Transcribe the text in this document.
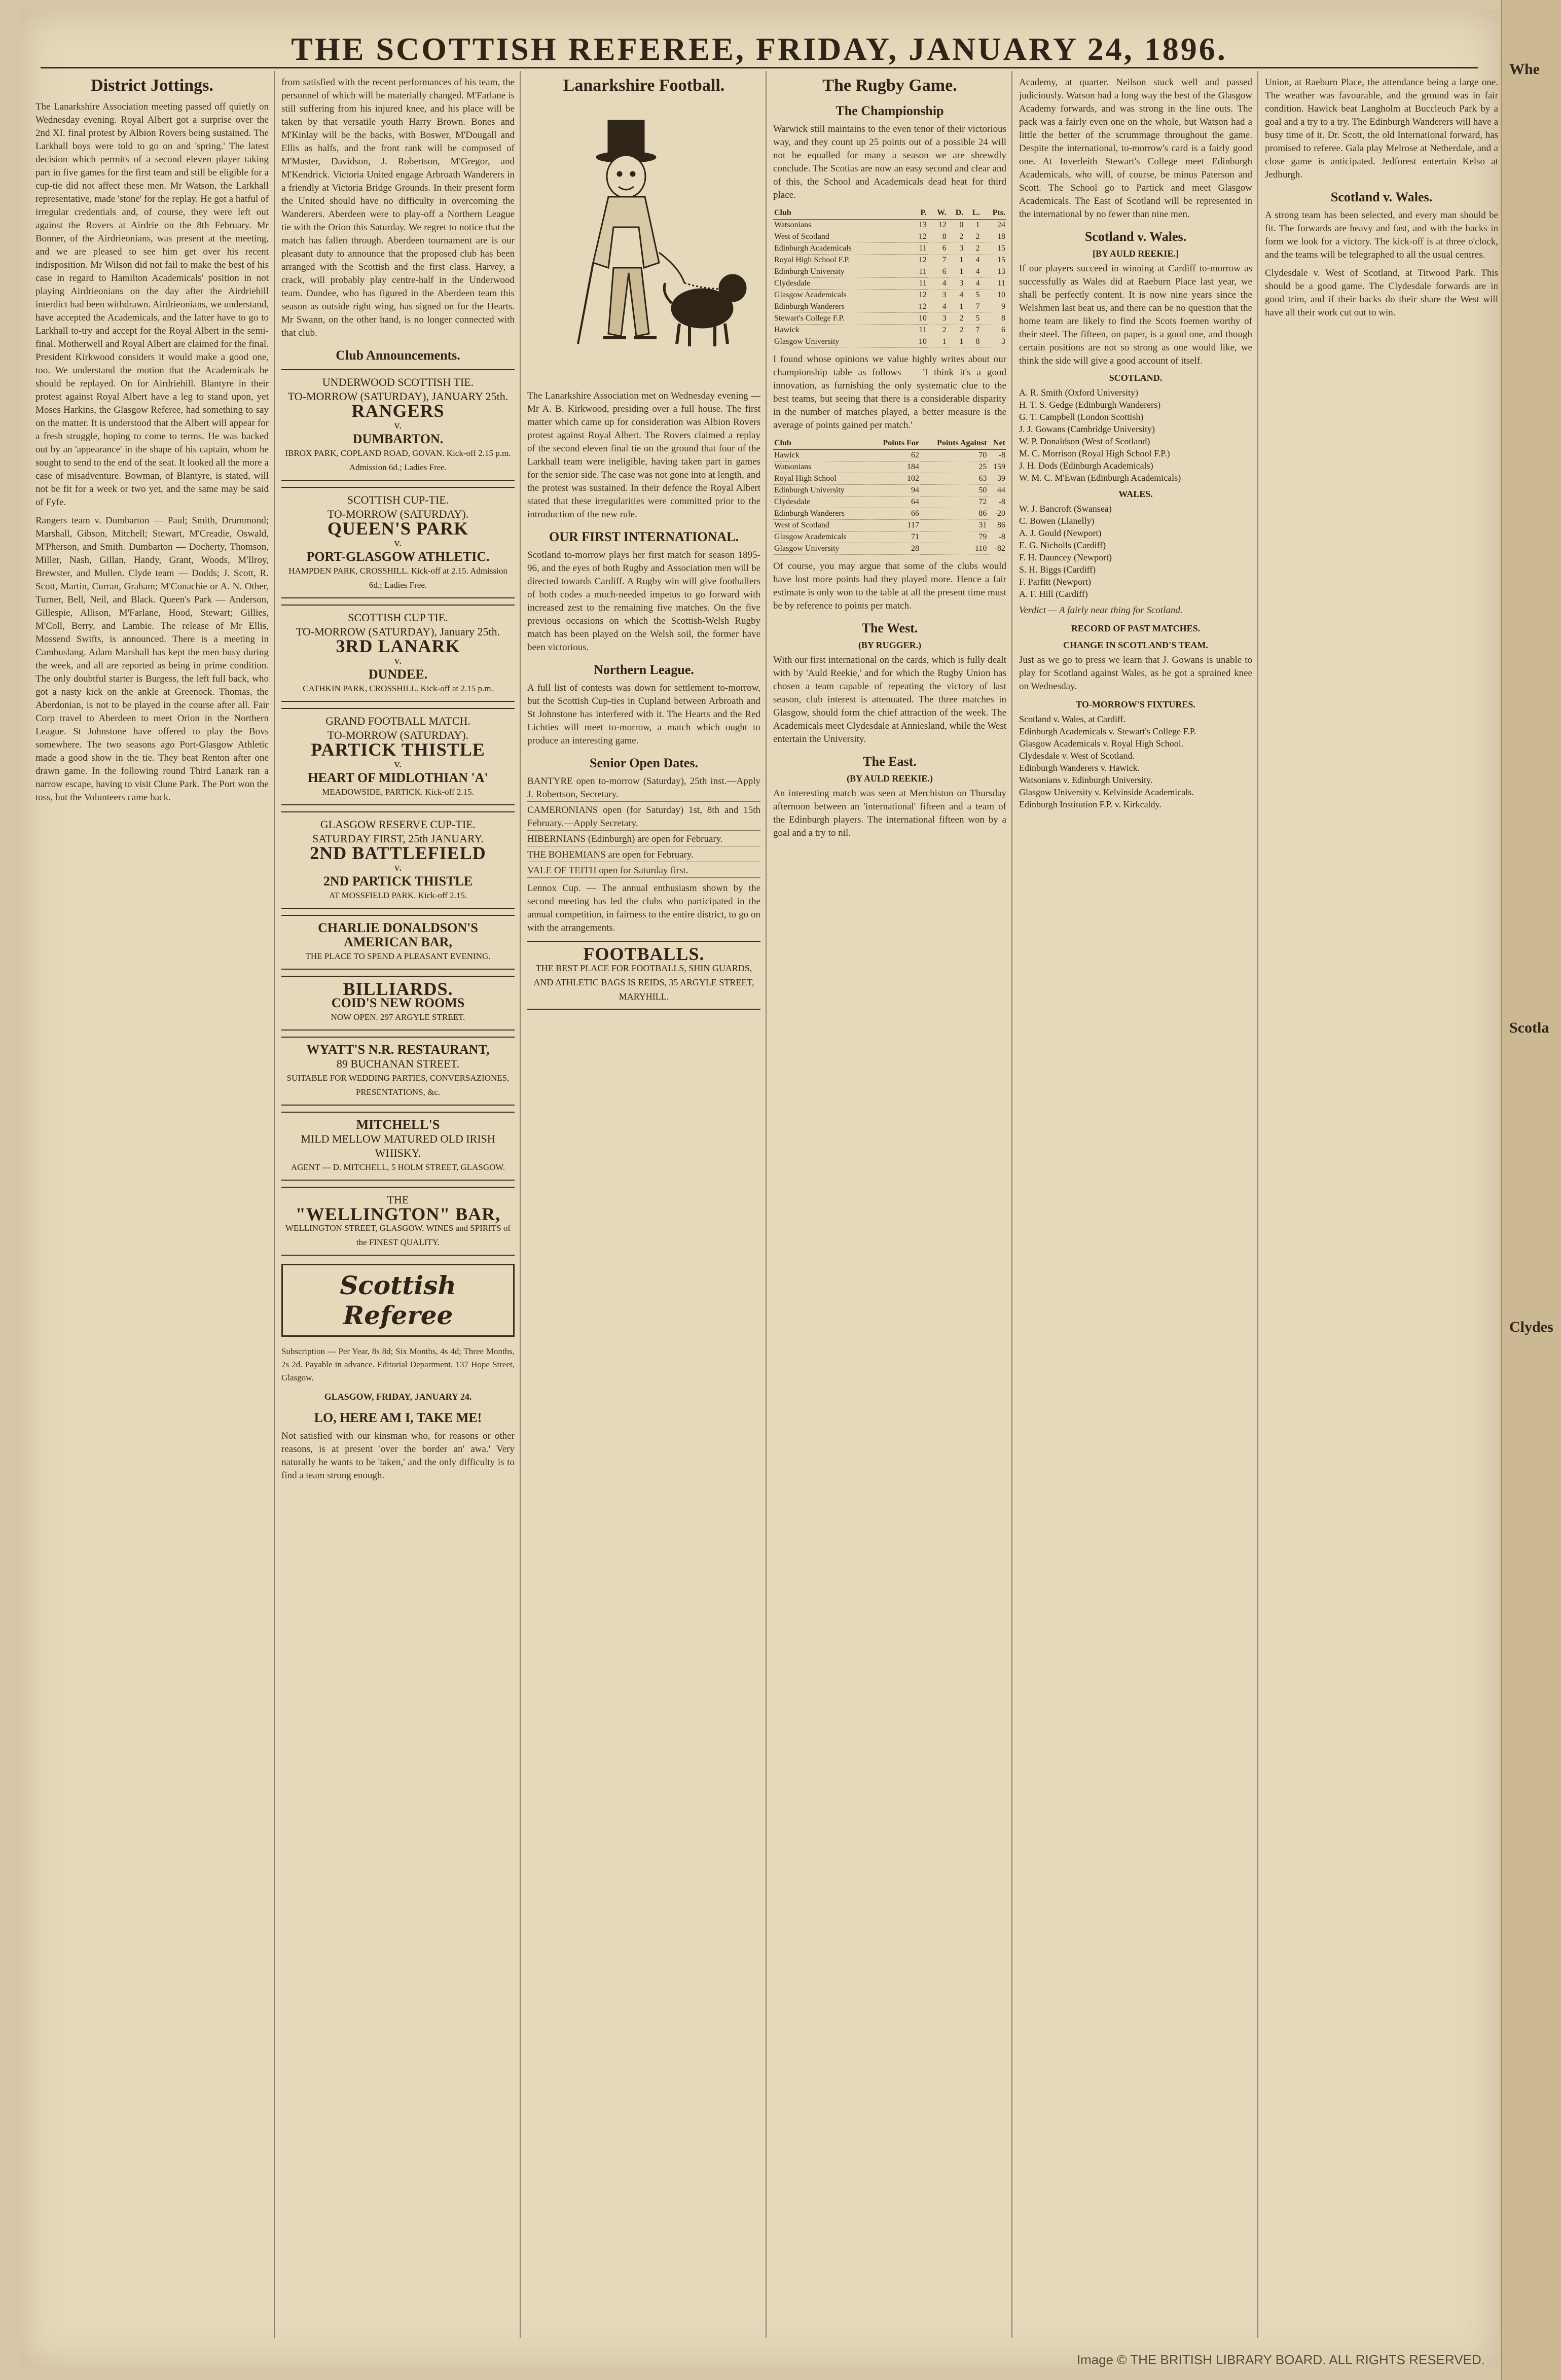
THE SCOTTISH REFEREE, FRIDAY, JANUARY 24, 1896.
District Jottings.
The Lanarkshire Association meeting passed off quietly on Wednesday evening. Royal Albert got a surprise over the 2nd XI. final protest by Albion Rovers being sustained. The Larkhall boys were told to go on and 'spring.' The latest decision which permits of a second eleven player taking part in five games for the first team and still be eligible for a cup-tie did not affect these men. Mr Watson, the Larkhall representative, made 'stone' for the replay. He got a hatful of irregular credentials and, of course, they were left out against the Rovers at Airdrie on the 8th February. Mr Bonner, of the Airdrieonians, was present at the meeting, and we are pleased to see him get over his recent indisposition. Mr Wilson did not fail to make the best of his case in regard to Hamilton Academicals' position in not playing Airdrieonians on the day after the Airdriehill interdict had been withdrawn. Airdrieonians, we understand, have accepted the Academicals, and the latter have to go to Larkhall to-try and accept for the Royal Albert in the semi-final. Motherwell and Royal Albert are claimed for the final. President Kirkwood considers it would make a good one, too. We understand the motion that the Academicals be should be replayed. On for Airdriehill. Blantyre in their protest against Royal Albert have a leg to stand upon, yet Moses Harkins, the Glasgow Referee, had something to say on the matter. It is understood that the Albert will appear for a fresh struggle, hoping to come to terms. He was backed out by an 'appearance' in the shape of his captain, whom he sought to send to the end of the seat. It looked all the more a case of misadventure. Bowman, of Blantyre, is stated, will not be fit for a week or two yet, and the same may be said of Fyfe.
Rangers team v. Dumbarton — Paul; Smith, Drummond; Marshall, Gibson, Mitchell; Stewart, M'Creadie, Oswald, M'Pherson, and Smith. Dumbarton — Docherty, Thomson, Miller, Nash, Gillan, Handy, Grant, Woods, M'Ilroy, Brewster, and Mullen. Clyde team — Dodds; J. Scott, R. Scott, Martin, Curran, Graham; M'Conachie or A. N. Other, Turner, Bell, Neil, and Black. Queen's Park — Anderson, Gillespie, Allison, M'Farlane, Hood, Stewart; Gillies, M'Coll, Berry, and Lambie. The release of Mr Ellis, Mossend Swifts, is announced. There is a meeting in Cambuslang. Adam Marshall has kept the men busy during the week, and all are reported as being in prime condition. The only doubtful starter is Burgess, the left full back, who got a nasty kick on the ankle at Greenock. Thomas, the Aberdonian, is not to be played in the course after all. Fair Corp travel to Aberdeen to meet Orion in the Northern League. St Johnstone have offered to play the Bovs somewhere. The two seasons ago Port-Glasgow Athletic made a good show in the tie. They beat Renton after one drawn game. In the following round Third Lanark ran a narrow escape, having to visit Clune Park. The Port won the toss, but the Volunteers came back.
from satisfied with the recent performances of his team, the personnel of which will be materially changed. M'Farlane is still suffering from his injured knee, and his place will be taken by that versatile youth Harry Brown. Bones and M'Kinlay will be the backs, with Boswer, M'Dougall and Ellis as halfs, and the front rank will be composed of M'Master, Davidson, J. Robertson, M'Gregor, and M'Kendrick. Victoria United engage Arbroath Wanderers in a friendly at Victoria Bridge Grounds. In their present form the United should have no difficulty in overcoming the Wanderers. Aberdeen were to play-off a Northern League tie with the Orion this Saturday. We regret to notice that the match has fallen through. Aberdeen tournament are is our pleasant duty to announce that the proposed club has been arranged with the Scottish and the first class. Harvey, a crack, will probably play centre-half in the Underwood team. Dundee, who has figured in the Aberdeen team this season as outside right wing, has signed on for the Hearts. Mr Swann, on the other hand, is no longer connected with that club.
Club Announcements.
UNDERWOOD SCOTTISH TIE.
TO-MORROW (SATURDAY), JANUARY 25th.
RANGERS
v.
DUMBARTON.
IBROX PARK, COPLAND ROAD, GOVAN. Kick-off 2.15 p.m. Admission 6d.; Ladies Free.
SCOTTISH CUP-TIE.
TO-MORROW (SATURDAY).
QUEEN'S PARK
v.
PORT-GLASGOW ATHLETIC.
HAMPDEN PARK, CROSSHILL. Kick-off at 2.15. Admission 6d.; Ladies Free.
SCOTTISH CUP TIE.
TO-MORROW (SATURDAY), January 25th.
3RD LANARK
v.
DUNDEE.
CATHKIN PARK, CROSSHILL. Kick-off at 2.15 p.m.
GRAND FOOTBALL MATCH.
TO-MORROW (SATURDAY).
PARTICK THISTLE
v.
HEART OF MIDLOTHIAN 'A'
MEADOWSIDE, PARTICK. Kick-off 2.15.
GLASGOW RESERVE CUP-TIE.
SATURDAY FIRST, 25th JANUARY.
2ND BATTLEFIELD
v.
2ND PARTICK THISTLE
AT MOSSFIELD PARK. Kick-off 2.15.
CHARLIE DONALDSON'S
AMERICAN BAR,
THE PLACE TO SPEND A PLEASANT EVENING.
BILLIARDS.
COID'S NEW ROOMS
NOW OPEN. 297 ARGYLE STREET.
WYATT'S N.R. RESTAURANT,
89 BUCHANAN STREET.
SUITABLE FOR WEDDING PARTIES, CONVERSAZIONES, PRESENTATIONS, &c.
MITCHELL'S
MILD MELLOW MATURED OLD IRISH WHISKY.
AGENT — D. MITCHELL, 5 HOLM STREET, GLASGOW.
THE
"WELLINGTON" BAR,
WELLINGTON STREET, GLASGOW. WINES and SPIRITS of the FINEST QUALITY.
Scottish Referee
Subscription — Per Year, 8s 8d; Six Months, 4s 4d; Three Months, 2s 2d. Payable in advance. Editorial Department, 137 Hope Street, Glasgow.
GLASGOW, FRIDAY, JANUARY 24.
LO, HERE AM I, TAKE ME!
Not satisfied with our kinsman who, for reasons or other reasons, is at present 'over the border an' awa.' Very naturally he wants to be 'taken,' and the only difficulty is to find a team strong enough.
Lanarkshire Football.
The Lanarkshire Association met on Wednesday evening — Mr A. B. Kirkwood, presiding over a full house. The first matter which came up for consideration was Albion Rovers protest against Royal Albert. The Rovers claimed a replay of the second eleven final tie on the ground that four of the Larkhall team were ineligible, having taken part in games for the senior side. The case was not gone into at length, and the protest was sustained. In their defence the Royal Albert stated that these irregularities were committed prior to the introduction of the new rule.
OUR FIRST INTERNATIONAL.
Scotland to-morrow plays her first match for season 1895-96, and the eyes of both Rugby and Association men will be directed towards Cardiff. A Rugby win will give footballers of both codes a much-needed impetus to go forward with increased zest to the remaining five matches. On the five previous occasions on which the Scottish-Welsh Rugby match has been played on the Welsh soil, the former have been victorious.
Northern League.
A full list of contests was down for settlement to-morrow, but the Scottish Cup-ties in Cupland between Arbroath and St Johnstone has interfered with it. The Hearts and the Red Lichties will meet to-morrow, a match which ought to produce an interesting game.
Senior Open Dates.
BANTYRE open to-morrow (Saturday), 25th inst.—Apply J. Robertson, Secretary.
CAMERONIANS open (for Saturday) 1st, 8th and 15th February.—Apply Secretary.
HIBERNIANS (Edinburgh) are open for February.
THE BOHEMIANS are open for February.
VALE OF TEITH open for Saturday first.
Lennox Cup. — The annual enthusiasm shown by the second meeting has led the clubs who participated in the annual competition, in fairness to the entire district, to go on with the arrangements.
FOOTBALLS.
THE BEST PLACE FOR FOOTBALLS, SHIN GUARDS, AND ATHLETIC BAGS IS REIDS, 35 ARGYLE STREET, MARYHILL.
The Rugby Game.
The Championship
Warwick still maintains to the even tenor of their victorious way, and they count up 25 points out of a possible 24 will not be equalled for many a season we are shrewdly conclude. The Scotias are now an easy second and clear and of this, the School and Academicals dead heat for third place.
Club	P.	W.	D.	L.	Pts.
Watsonians	13	12	0	1	24
West of Scotland	12	8	2	2	18
Edinburgh Academicals	11	6	3	2	15
Royal High School F.P.	12	7	1	4	15
Edinburgh University	11	6	1	4	13
Clydesdale	11	4	3	4	11
Glasgow Academicals	12	3	4	5	10
Edinburgh Wanderers	12	4	1	7	9
Stewart's College F.P.	10	3	2	5	8
Hawick	11	2	2	7	6
Glasgow University	10	1	1	8	3
I found whose opinions we value highly writes about our championship table as follows — 'I think it's a good innovation, as furnishing the only systematic clue to the best teams, but seeing that there is a considerable disparity in the number of matches played, a better measure is the average of points gained per match.'
Club	Points For	Points Against	Net
Hawick	62	70	-8
Watsonians	184	25	159
Royal High School	102	63	39
Edinburgh University	94	50	44
Clydesdale	64	72	-8
Edinburgh Wanderers	66	86	-20
West of Scotland	117	31	86
Glasgow Academicals	71	79	-8
Glasgow University	28	110	-82
Of course, you may argue that some of the clubs would have lost more points had they played more. Hence a fair estimate is only won to the table at all the present time must be by reference to points per match.
The West.
(BY RUGGER.)
With our first international on the cards, which is fully dealt with by 'Auld Reekie,' and for which the Rugby Union has chosen a team capable of repeating the victory of last season, club interest is attenuated. The three matches in Glasgow, should form the chief attraction of the week. The Academicals meet Clydesdale at Anniesland, while the West entertain the University.
The East.
(BY AULD REEKIE.)
An interesting match was seen at Merchiston on Thursday afternoon between an 'international' fifteen and a team of the Edinburgh players. The international fifteen won by a goal and a try to nil.
Academy, at quarter. Neilson stuck well and passed judiciously. Watson had a long way the best of the Glasgow Academy forwards, and was strong in the line outs. The pack was a fairly even one on the whole, but Watson had a little the better of the scrummage throughout the game. Despite the international, to-morrow's card is a fairly good one. At Inverleith Stewart's College meet Edinburgh Academicals, who will, of course, be minus Paterson and Scott. The School go to Partick and meet Glasgow Academicals. The East of Scotland will be represented in the international by no fewer than nine men.
Scotland v. Wales.
[BY AULD REEKIE.]
If our players succeed in winning at Cardiff to-morrow as successfully as Wales did at Raeburn Place last year, we shall be perfectly content. It is now nine years since the Welshmen last beat us, and there can be no question that the home team are likely to find the Scots foemen worthy of their steel. The fifteen, on paper, is a good one, and though certain positions are not so strong as one would like, we think the side will give a good account of itself.
SCOTLAND.
A. R. Smith (Oxford University)
H. T. S. Gedge (Edinburgh Wanderers)
G. T. Campbell (London Scottish)
J. J. Gowans (Cambridge University)
W. P. Donaldson (West of Scotland)
M. C. Morrison (Royal High School F.P.)
J. H. Dods (Edinburgh Academicals)
W. M. C. M'Ewan (Edinburgh Academicals)
WALES.
W. J. Bancroft (Swansea)
C. Bowen (Llanelly)
A. J. Gould (Newport)
E. G. Nicholls (Cardiff)
F. H. Dauncey (Newport)
S. H. Biggs (Cardiff)
F. Parfitt (Newport)
A. F. Hill (Cardiff)
Verdict — A fairly near thing for Scotland.
RECORD OF PAST MATCHES.
CHANGE IN SCOTLAND'S TEAM.
Just as we go to press we learn that J. Gowans is unable to play for Scotland against Wales, as he got a sprained knee on Wednesday.
TO-MORROW'S FIXTURES.
Scotland v. Wales, at Cardiff.
Edinburgh Academicals v. Stewart's College F.P.
Glasgow Academicals v. Royal High School.
Clydesdale v. West of Scotland.
Edinburgh Wanderers v. Hawick.
Watsonians v. Edinburgh University.
Glasgow University v. Kelvinside Academicals.
Edinburgh Institution F.P. v. Kirkcaldy.
Union, at Raeburn Place, the attendance being a large one. The weather was favourable, and the ground was in fair condition. Hawick beat Langholm at Buccleuch Park by a goal and a try to a try. The Edinburgh Wanderers will have a busy time of it. Dr. Scott, the old International forward, has promised to referee. Gala play Melrose at Netherdale, and a close game is anticipated. Jedforest entertain Kelso at Jedburgh.
Scotland v. Wales.
A strong team has been selected, and every man should be fit. The forwards are heavy and fast, and with the backs in form we look for a victory. The kick-off is at three o'clock, and the teams will be telegraphed to all the usual centres.
Clydesdale v. West of Scotland, at Titwood Park. This should be a good game. The Clydesdale forwards are in good trim, and if their backs do their share the West will have all their work cut out to win.
Whe
Scotla
Clydes
Image © THE BRITISH LIBRARY BOARD. ALL RIGHTS RESERVED.
